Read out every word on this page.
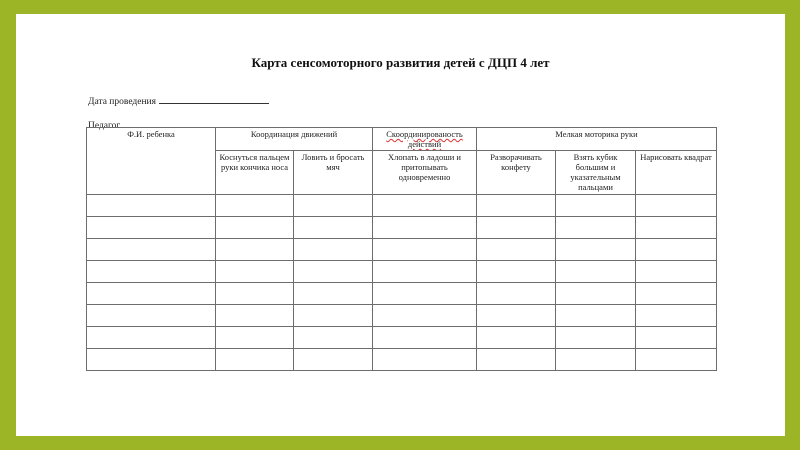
Карта сенсомоторного развития детей с ДЦП 4 лет
Дата проведения
Педагог
Ф.И. ребенка	Координация движений		Скоординированость действий	Мелкая моторика руки		
	Коснуться пальцем руки кончика носа	Ловить и бросать мяч	Хлопать в ладоши и притопывать одновременно	Разворачивать конфету	Взять кубик большим и указательным пальцами	Нарисовать квадрат
